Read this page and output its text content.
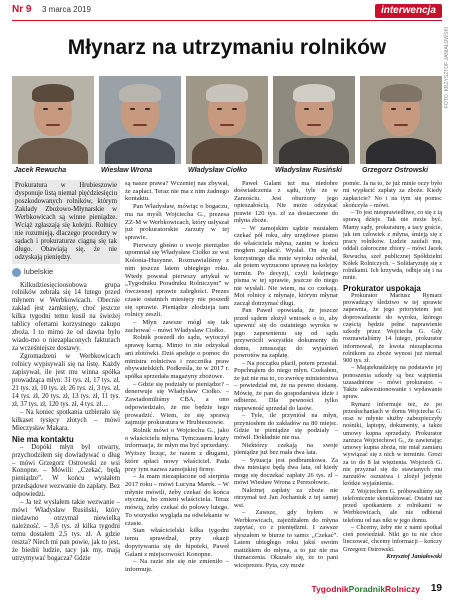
Nr 9 3 marca 2019	interwencja
Młynarz na utrzymaniu rolników
Jacek Rewucha	Wiesław Wrona	Władysław Ciołko	Władysław Rusiński	Grzegorz Ostrowski
FOTO: KRZYSZTOF JANIAŁOWSKI

Prokuratura w Hrubieszowie dysponuje listą niemal pięćdziesięciu poszkodowanych rolników, którym Zakłady Zbożowo-Młynarskie w Werbkowicach są winne pieniądze. Wciąż zgłaszają się kolejni. Rolnicy nie rozumieją, dlaczego procedury w sądach i prokuraturze ciągną się tak długo. Obawiają się, że nie odzyskają pieniędzy.

lubelskie

Kilkudziesięcioosobowa grupa rolników zebrała się 14 lutego przed młynem w Werbkowicach. Obecnie zakład jest zamknięty, choć jeszcze kilka tygodni temu kusił na świeżej tablicy ofertami korzystnego zakupu zboża. I to mimo że od dawna było wiado-mo o niezapłaconych fakturach za wcześniejsze dostawy.

Zgromadzeni w Werbkowicach rolnicy wypisywali się na listę. Każdy zapisywał, ile jest mu winna spółka prowadząca młyn: 31 tys. zł, 17 tys. zł, 21 tys. zł, 10 tys. zł, 26 tys. zł, 3 tys. zł, 14 tys. zł, 20 tys. zł, 13 tys. zł, 11 tys. zł, 37 tys. zł, 120 tys. zł, 4 tys. zł…

– Na koniec spotkania uzbierało się kilkaset tysięcy złotych – mówi Mieczysław Makara.

Nie ma kontaktu

– Dopóki młyn był otwarty, przychodziłem się dowiadywać o dług – mówi Grzegorz Ostrowski ze wsi Konopne. – Mówili: „Czekać, będą pieniądze”. W końcu wysłałem przedsądowe wezwanie do zapłaty. Bez odpowiedzi.

– Ja też wysłałem takie wezwanie – mówi Władysław Rusiński, który niedawno otrzymał niewielką należność. – 3,6 tys. zł kilka tygodni temu dostałem 2,5 tys. zł. A gdzie reszta? Niech mi pan powie, jak to jest, że biedni ludzie, tacy jak my, mają utrzymywać bogacza? Gdzie

są nasze prawa? Wczeniej nas zbywał, że zapłaci. Teraz nie ma z nim żadnego kontaktu.

Pan Władysław, mówiąc o bogaczu, ma na myśli Wojciecha G., prezesa ZZ-M w Werbkowicach, który usłyszał już prokuratorskie zarzuty w tej sprawie.

Pierwszy głośno o swoje pieniądze upomniał się Władysław Ciołko ze wsi Kolonia-Husynne. Rozmawialiśmy z nim jeszcze latem ubiegłego roku. Wtedy powstał pierwszy artykuł w „Tygodniku Poradniku Rolniczym” w ówczesnej sprawie zaległości. Prezes czasie ostatnich miesięcy nie poszedł się sprawie. Pieniądze złodzieja tam rolnicy zeszli.

– Młyn zawsze mógł się tak zachować – mówi Władysław Ciołko.

Rolnik poszedł do sądu, wytoczył sprawę karną. Mimo to nie odzyskał ani złotówki. Dziś apeluje o pomoc do ministra rolnictwa i rzecznika praw obywatelskich. Podkreśla, że w 2017 r. spółka sprzedała magazyny zbożowe.

– Gdzie się podziały te pieniądze? – denerwuje się Władysław Ciołko. – Zawiadomiliśmy CBA, a ono odpowiedziało, że nie będzie tego prowadzić. Wiem, że się sprawą zajmuje prokuratura w Hrubieszowie.

Rolnik mówi o Wojciechu G., jako o właścicielu młyna. Tymczasem krąży informacja, że młyn ma być sprzedany. Wyższy licząc, że razem z długami, które spłaci nowy właściciel. Pada przy tym nazwa zamojskiej firmy.

– Ja mam niezapłacone od sierpnia 2017 roku – mówi Lucyna Marek. – W młynie mówili, żeby czekać do końca stycznia, bo zmieni właściciela. Teraz mówią, żeby czekać do połowy lutego. To wszystko wygląda na odwlekanie w czasie.

Stan właścicielski kilka tygodni temu sprawdzał, przy okazji dopytywania się do hipoteki, Paweł Galant z miejscowości Konopne.

– Na razie nie się nie zmieniło – informuje.

Paweł Galant też ma niedobre doświadczenia z sądu, tyle że w Zamościu. Jest oburzony jego opieszałością. Nie może odzyskać prawie 120 tys. zł za dostarczone do młyna zboże.

– W zamojskim sądzie musiałem czekać pół roku, aby urzędowe pismo do właściciela młyna, zanim w końcu mogłem zapłacić. Wysłał. On się od korzystnego dla mnie wyroku odwołał, ale potem wyrzucono sprawę na kolejny termin. Po decyzji, czyli kolejnego pisma w tej sprawie, jeszcze do niego nie wysłali. Nie wiem, na co czekają. Moi rolnicy z młynaje, którym młynar zaczął dotrzymać długi.

Pan Paweł opowiada, że jeszcze przed sądem złożył wniosek o to, aby upewnić się do ostatniego wyroku w jego zapewnieniu się od sądu przywrócili wszystkie dokumenty do domu, zmuszając do wyjaśnień powrotów na zapłatę.

– Na początku płacił, potem przestał. Popchnąłem do niego młyn. Czekałem, że już nie ma to, co zwrócę ministerstwa – powiedział mi, że na pewno dostanę. Mówię, że pan do gospodarstwa idzie i odbierze. Dla pewności tylko niepewność sprzedał do lasów.

– Tyle, ile przyniósł na młyn, przyniosłem do zakładów na 80 miejsc. Gdzie te pieniądze się podziały – mówił. Dokładnie nie ma.

Niektórzy czekają na swoje pieniądze już bez mała dwa lata.

– Sytuacja jest podbramkowa. Za dwa miesiące będą dwa lata, od kiedy mogę się doczekać zapłaty 26 tys. zł – mówi Wiesław Wrona z Peresołowic.

Należnej zapłaty za zboże nie otrzymał też Jan Jochaniuk z tej samej wsi.

– Zawsze, gdy byłem w Werbkowicach, zajeżdżałem do młyna zapytać, co z pieniędzmi. I zawsze słyszałem w biurze to samo: „Czekać”. Latem ubiegłego roku jakiś swoim matiżkiem do młyna, a to już nie ma tłumaczenia. Okazało się, że to pani wiceprezes. Pyta, czy może

pomóc. Ja na to, że już minie oczy było mi wypłacić zapłaty za zboże. Kiedy zapłacicie? No i na tym się pomoc skończyła – mówi.

– To jest niesprawiedliwe, co się z tą sprawą dzieje. Tak nie może być. Mamy sądy, prokuraturę, a tacy goście, jak ten człowiek z młyna, śmieją się z pracy rolników. Ludzie zaufali mu, oddali całoroczne zbiory – mówi Jacek Rewucha, szef publicznej Spółdzielni Kółek Rolniczych. – Solidaryzuję się z rolnikami. Ich krzywda, odbije się i na mnie.

Prokurator uspokaja

Prokurator Mariusz Rymarz prowadzący śledztwo w tej sprawie zapewnia, że jego priorytetem jest doprowadzenie do wyroku, którego częścią będzie pełne naprawienie szkody przez Wojciecha G. Gdy rozmawialiśmy 14 lutego, prokurator informował, że kwota niezapłacona rolnikom za zboże wynosi już niemal 900 tys. zł.

– Mająteknadzieję na podstawie jej ponoszenia szkody są bez wątpienia uzasadnione – mówi prokurator. – Także zakwestionowanie i wydawanie spraw.

Rymarz informuje też, że po przesłuchaniach w domu Wojciecha G. oraz w młynie służby zabezpieczyły nośniki, laptopy, dokumenty, a także umowy kupna sprzedaży. Prokurator zarzuca Wojciechowi G., że zawierając umowy kupna zboża, nie miał zamiaru wywiązać się z nich w terminie. Grozi za to do 8 lat więzienia. Wojciech G. nie przyznał się do stawianych mu zarzutów oszustwa i złożył jedynie krótkie wyjaśnienia.

Z Wojciechem G. próbowaliśmy się telefonicznie skontaktować. Ostatni raz przed spotkaniem z rolnikami w Werbkowicach, ale nie odbierał telefonu od nas nikt w jego domu.

– Chcemy, żeby nie z nami spotkał cień powiedział. Nikt go tu nie chce linczować, chcemy informacji – kończy Grzegorz Ostrowski.

Krzysztof Janiałowski

TygodnikPoradnikRolniczy 19
